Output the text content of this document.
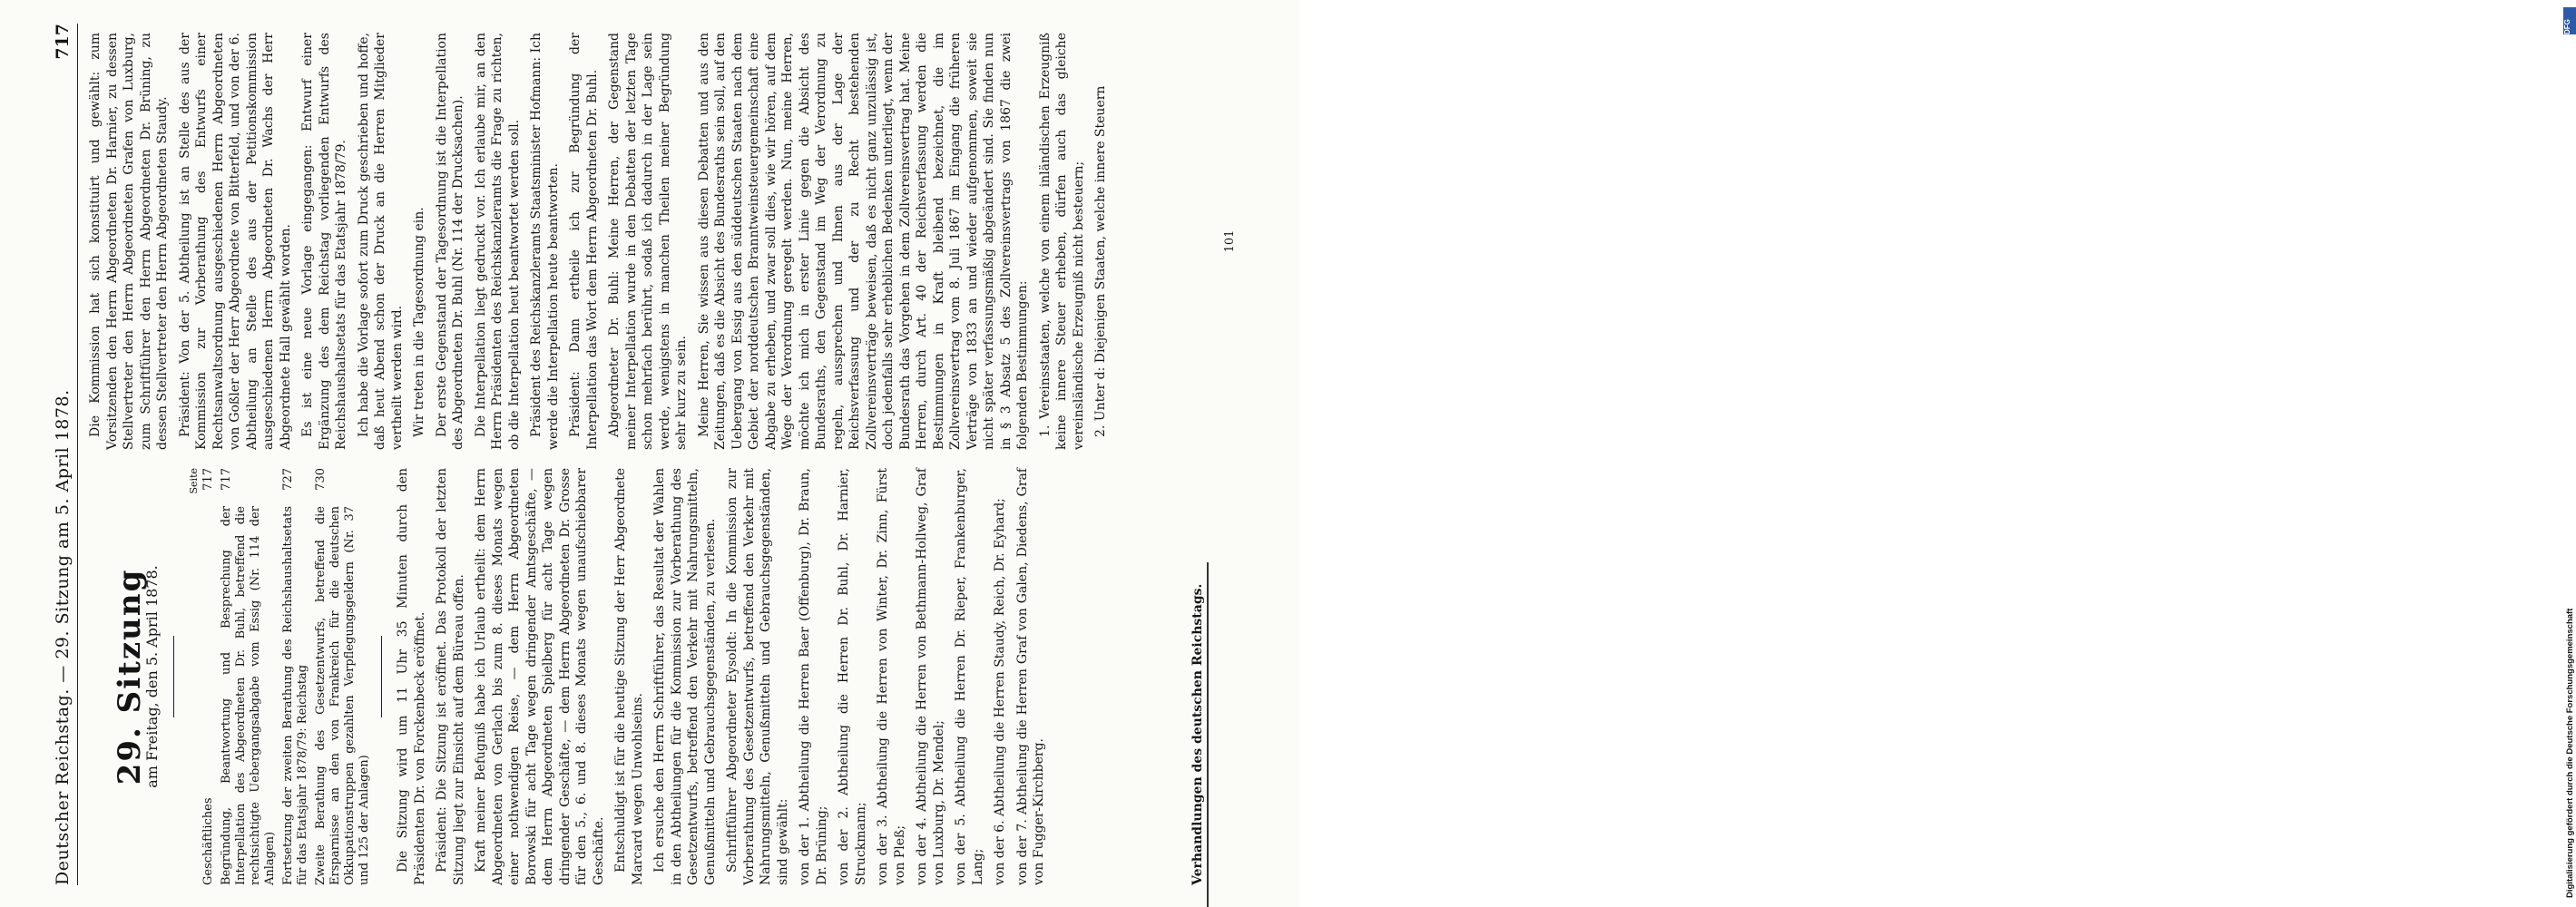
Deutscher Reichstag. — 29. Sitzung am 5. April 1878.
717
29. Sitzung
am Freitag, den 5. April 1878.
Seite
Geschäftliches
717
Begründung, Beantwortung und Besprechung der Interpellation des Abgeordneten Dr. Buhl, betreffend die rechtsichtigte Uebergangsabgabe vom Essig (Nr. 114 der Anlagen)
717
Fortsetzung der zweiten Berathung des Reichshaushaltsetats für das Etatsjahr 1878/79: Reichstag
727
Zweite Berathung des Gesetzentwurfs, betreffend die Ersparnisse an den von Frankreich für die deutschen Okkupationstruppen gezahlten Verpflegungsgeldern (Nr. 37 und 125 der Anlagen)
730	Die Sitzung wird um 11 Uhr 35 Minuten durch den Präsidenten Dr. von Forckenbeck eröffnet. Präsident: Die Sitzung ist eröffnet. Das Protokoll der letzten Sitzung liegt zur Einsicht auf dem Büreau offen. Kraft meiner Befugniß habe ich Urlaub ertheilt: dem Herrn Abgeordneten von Gerlach bis zum 8. dieses Monats wegen einer nothwendigen Reise, — dem Herrn Abgeordneten Borowski für acht Tage wegen dringender Amtsgeschäfte, — dem Herrn Abgeordneten Spielberg für acht Tage wegen dringender Geschäfte, — dem Herrn Abgeordneten Dr. Grosse für den 5., 6. und 8. dieses Monats wegen unaufschiebbarer Geschäfte. Entschuldigt ist für die heutige Sitzung der Herr Abgeordnete Marcard wegen Unwohlseins. Ich ersuche den Herrn Schriftführer, das Resultat der Wahlen in den Abtheilungen für die Kommission zur Vorberathung des Gesetzentwurfs, betreffend den Verkehr mit Nahrungsmitteln, Genußmitteln und Gebrauchsgegenständen, zu verlesen. Schriftführer Abgeordneter Eysoldt: In die Kommission zur Vorberathung des Gesetzentwurfs, betreffend den Verkehr mit Nahrungsmitteln, Genußmitteln und Gebrauchsgegenständen, sind gewählt: von der 1. Abtheilung die Herren Baer (Offenburg), Dr. Braun, Dr. Brüning; von der 2. Abtheilung die Herren Dr. Buhl, Dr. Harnier, Struckmann; von der 3. Abtheilung die Herren von Winter, Dr. Zinn, Fürst von Pleß; von der 4. Abtheilung die Herren von Bethmann-Hollweg, Graf von Luxburg, Dr. Mendel; von der 5. Abtheilung die Herren Dr. Rieper, Frankenburger, Lang; von der 6. Abtheilung die Herren Staudy, Reich, Dr. Eyhard; von der 7. Abtheilung die Herren Graf von Galen, Diedens, Graf von Fugger-Kirchberg.

Die Kommission hat sich konstituirt und gewählt: zum Vorsitzenden den Herrn Abgeordneten Dr. Harnier, zu dessen Stellvertreter den Herrn Abgeordneten Grafen von Luxburg, zum Schriftführer den Herrn Abgeordneten Dr. Brüning, zu dessen Stellvertreter den Herrn Abgeordneten Staudy. Präsident: Von der 5. Abtheilung ist an Stelle des aus der Kommission zur Vorberathung des Entwurfs einer Rechtsanwaltsordnung ausgeschiedenen Herrn Abgeordneten von Goßler der Herr Abgeordnete von Bitterfeld, und von der 6. Abtheilung an Stelle des aus der Petitionskommission ausgeschiedenen Herrn Abgeordneten Dr. Wachs der Herr Abgeordnete Hall gewählt worden. Es ist eine neue Vorlage eingegangen: Entwurf einer Ergänzung des dem Reichstag vorliegenden Entwurfs des Reichshaushaltsetats für das Etatsjahr 1878/79. Ich habe die Vorlage sofort zum Druck geschrieben und hoffe, daß heut Abend schon der Druck an die Herren Mitglieder vertheilt werden wird. Wir treten in die Tagesordnung ein. Der erste Gegenstand der Tagesordnung ist die Interpellation des Abgeordneten Dr. Buhl (Nr. 114 der Drucksachen). Die Interpellation liegt gedruckt vor. Ich erlaube mir, an den Herrn Präsidenten des Reichskanzleramts die Frage zu richten, ob die Interpellation heut beantwortet werden soll. Präsident des Reichskanzleramts Staatsminister Hofmann: Ich werde die Interpellation heute beantworten. Präsident: Dann ertheile ich zur Begründung der Interpellation das Wort dem Herrn Abgeordneten Dr. Buhl. Abgeordneter Dr. Buhl: Meine Herren, der Gegenstand meiner Interpellation wurde in den Debatten der letzten Tage schon mehrfach berührt, sodaß ich dadurch in der Lage sein werde, wenigstens in manchen Theilen meiner Begründung sehr kurz zu sein. Meine Herren, Sie wissen aus diesen Debatten und aus den Zeitungen, daß es die Absicht des Bundesraths sein soll, auf den Uebergang von Essig aus den süddeutschen Staaten nach dem Gebiet der norddeutschen Branntweinsteuergemeinschaft eine Abgabe zu erheben, und zwar soll dies, wie wir hören, auf dem Wege der Verordnung geregelt werden. Nun, meine Herren, möchte ich mich in erster Linie gegen die Absicht des Bundesraths, den Gegenstand im Weg der Verordnung zu regeln, aussprechen und Ihnen aus der Lage der Reichsverfassung und der zu Recht bestehenden Zollvereinsverträge beweisen, daß es nicht ganz unzulässig ist, doch jedenfalls sehr erheblichen Bedenken unterliegt, wenn der Bundesrath das Vorgehen in dem Zollvereinsvertrag hat. Meine Herren, durch Art. 40 der Reichsverfassung werden die Bestimmungen in Kraft bleibend bezeichnet, die im Zollvereinsvertrag vom 8. Juli 1867 im Eingang die früheren Verträge von 1833 an und wieder aufgenommen, soweit sie nicht später verfassungsmäßig abgeändert sind. Sie finden nun in § 3 Absatz 5 des Zollvereinsvertrags von 1867 die zwei folgenden Bestimmungen: 1. Vereinsstaaten, welche von einem inländischen Erzeugniß keine innere Steuer erheben, dürfen auch das gleiche vereinsländische Erzeugniß nicht besteuern; 2. Unter d: Diejenigen Staaten, welche innere Steuern

Verhandlungen des deutschen Reichstags.
101
DFG
Digitalisierung gefördert durch die Deutsche Forschungsgemeinschaft
